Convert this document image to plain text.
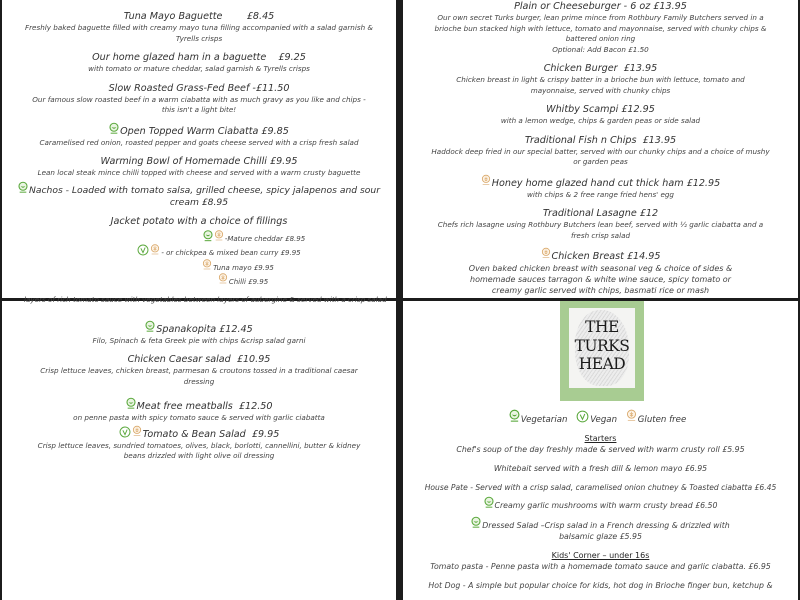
Tuna Mayo Baguette        £8.45
Freshly baked baguette filled with creamy mayo tuna filling accompanied with a salad garnish & Tyrells crisps
Our home glazed ham in a baguette    £9.25
with tomato or mature cheddar, salad garnish & Tyrells crisps
Slow Roasted Grass-Fed Beef -£11.50
Our famous slow roasted beef in a warm ciabatta with as much gravy as you like and chips -this isn't a light bite!
Open Topped Warm Ciabatta £9.85
Caramelised red onion, roasted pepper and goats cheese served with a crisp fresh salad
Warming Bowl of Homemade Chilli £9.95
Lean local steak mince chilli topped with cheese and served with a warm crusty baguette
Nachos - Loaded with tomato salsa, grilled cheese, spicy jalapenos and sour cream £8.95
Jacket potato with a choice of fillings
-Mature cheddar £8.95
- or chickpea & mixed bean curry £9.95
Tuna mayo £9.95
Chilli £9.95
Plain or Cheeseburger - 6 oz £13.95
Our own secret Turks burger, lean prime mince from Rothbury Family Butchers served in a brioche bun stacked high with lettuce, tomato and mayonnaise, served with chunky chips & battered onion ring
Optional: Add Bacon £1.50
Chicken Burger  £13.95
Chicken breast in light & crispy batter in a brioche bun with lettuce, tomato and mayonnaise, served with chunky chips
Whitby Scampi £12.95
with a lemon wedge, chips & garden peas or side salad
Traditional Fish n Chips  £13.95
Haddock deep fried in our special batter, served with our chunky chips and a choice of mushy or garden peas
Honey home glazed hand cut thick ham £12.95
with chips & 2 free range fried hens' egg
Traditional Lasagne £12
Chefs rich lasagne using Rothbury Butchers lean beef, served with ½ garlic ciabatta and a fresh crisp salad
Chicken Breast £14.95
Oven baked chicken breast with seasonal veg & choice of sides & homemade sauces tarragon & white wine sauce, spicy tomato or creamy garlic served with chips, basmati rice or mash
layers of rich tomato sauce with vegetables between layers of aubergine & served with a crisp salad
Spanakopita £12.45
Filo, Spinach & feta Greek pie with chips &crisp salad garni
Chicken Caesar salad  £10.95
Crisp lettuce leaves, chicken breast, parmesan & croutons tossed in a traditional caesar dressing
Meat free meatballs  £12.50
on penne pasta with spicy tomato sauce & served with garlic ciabatta
Tomato & Bean Salad  £9.95
Crisp lettuce leaves, sundried tomatoes, olives, black, borlotti, cannellini, butter & kidney beans drizzled with light olive oil dressing
THE
TURKS
HEAD
Vegetarian	Vegan Gluten free
Starters
Chef's soup of the day freshly made & served with warm crusty roll £5.95
Whitebait served with a fresh dill & lemon mayo £6.95
House Pate - Served with a crisp salad, caramelised onion chutney & Toasted ciabatta £6.45
Creamy garlic mushrooms with warm crusty bread £6.50
Dressed Salad –Crisp salad in a French dressing & drizzled with balsamic glaze £5.95
Kids' Corner – under 16s
Tomato pasta - Penne pasta with a homemade tomato sauce and garlic ciabatta. £6.95
Hot Dog - A simple but popular choice for kids, hot dog in Brioche finger bun, ketchup &
